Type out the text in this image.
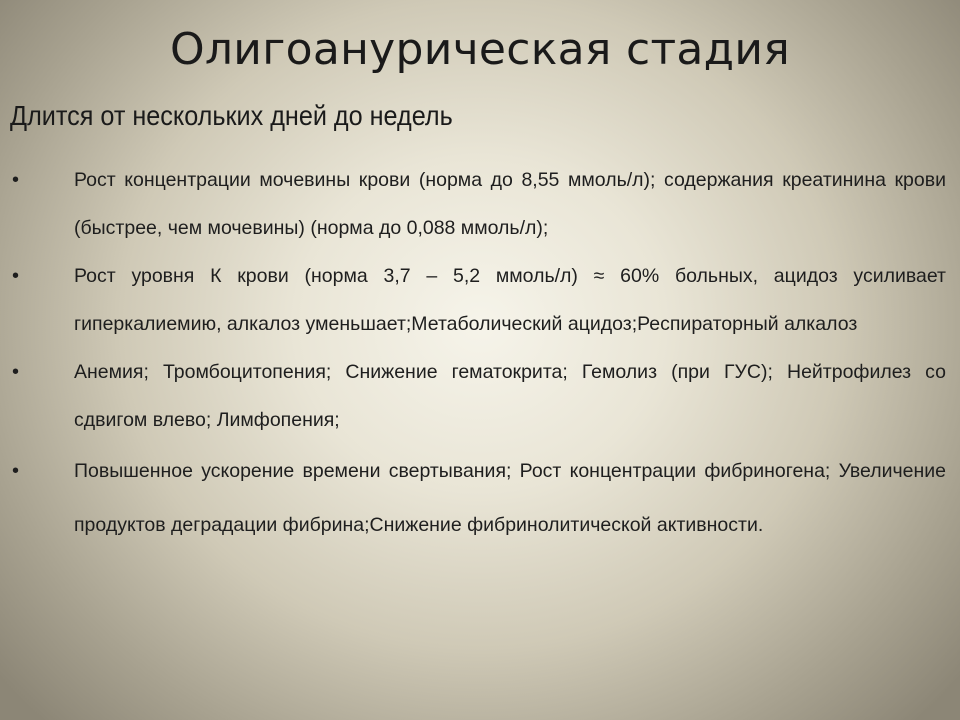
Олигоанурическая стадия
Длится от нескольких дней до недель
•	Рост концентрации мочевины крови (норма до 8,55 ммоль/л); содержания креатинина крови (быстрее, чем мочевины) (норма до 0,088 ммоль/л);
•	Рост уровня К крови (норма 3,7 – 5,2 ммоль/л) ≈ 60% больных, ацидоз усиливает гиперкалиемию, алкалоз уменьшает;Метаболический ацидоз;Респираторный алкалоз
•	Анемия; Тромбоцитопения; Снижение гематокрита; Гемолиз (при ГУС); Нейтрофилез со сдвигом влево; Лимфопения;
•	Повышенное ускорение времени свертывания; Рост концентрации фибриногена; Увеличение продуктов деградации фибрина;Снижение фибринолитической активности.
